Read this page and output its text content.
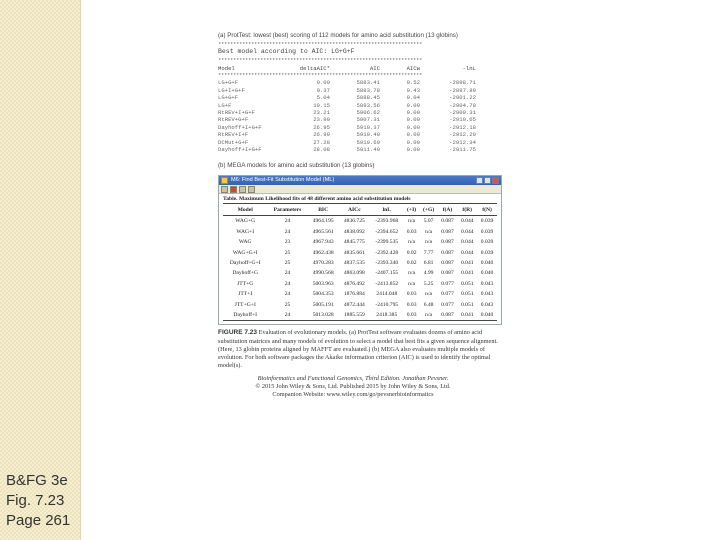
B&FG 3e
Fig. 7.23
Page 261
(a) ProtTest: lowest (best) scoring of 112 models for amino acid substitution (13 globins)
********************************************************************
Best model according to AIC: LG+G+F
********************************************************************
Model	deltaAIC*	AIC	AICw	-lnL
********************************************************************
LG+G+F	0.00	5883.41	0.52	-2898.71
LG+I+G+F	0.37	5883.78	0.43	-2897.89
LG+G+F	5.04	5888.45	0.04	-2901.22
LG+F	10.15	5893.56	0.00	-2904.78
RtREV+I+G+F	23.21	5906.62	0.00	-2909.31
RtREV+G+F	23.90	5907.31	0.00	-2910.65
Dayhoff+I+G+F	26.95	5910.37	0.00	-2912.18
RtREV+I+F	26.99	5910.40	0.00	-2912.20
DCMut+G+F	27.28	5910.69	0.00	-2912.34
Dayhoff+I+G+F	28.08	5911.49	0.00	-2911.75
(b) MEGA models for amino acid substitution (13 globins)
M6: Find Best-Fit Substitution Model (ML)
Table. Maximum Likelihood fits of 48 different amino acid substitution models
Model	Parameters	BIC	AICc	lnL	(+I)	(+G)	f(A)	f(R)	f(N)
WAG+G	24	4964.195	4836.725	-2393.968	n/a	5.07	0.087	0.044	0.039
WAG+I	24	4965.561	4838.092	-2394.652	0.03	n/a	0.087	0.044	0.039
WAG	23	4967.943	4845.775	-2399.535	n/a	n/a	0.087	0.044	0.039
WAG+G+I	25	4962.438	4835.661	-2392.428	0.02	7.77	0.087	0.044	0.039
Dayhoff+G+I	25	4970.283	4837.535	-2393.340	0.02	6.81	0.087	0.041	0.040
Dayhoff+G	24	4990.568	4863.098	-2407.155	n/a	4.99	0.087	0.041	0.040
JTT+G	24	5003.963	4876.492	-2413.852	n/a	5.25	0.077	0.051	0.043
JTT+I	24	5004.353	1876.884	2414.048	0.03	n/a	0.077	0.051	0.043
JTT+G+I	25	5005.191	4872.444	-2410.795	0.03	6.48	0.077	0.051	0.043
Dayhoff+I	24	5013.028	1885.559	2418.385	0.03	n/a	0.087	0.041	0.040
FIGURE 7.23 Evaluation of evolutionary models. (a) ProtTest software evaluates dozens of amino acid substitution matrices and many models of evolution to select a model that best fits a given sequence alignment. (Here, 13 globin proteins aligned by MAFFT are evaluated.) (b) MEGA also evaluates multiple models of evolution. For both software packages the Akaike information criterion (AIC) is used to identify the optimal model(s).
Bioinformatics and Functional Genomics, Third Edition. Jonathan Pevsner.
© 2015 John Wiley & Sons, Ltd. Published 2015 by John Wiley & Sons, Ltd.
Companion Website: www.wiley.com/go/pevsnerbioinformatics
